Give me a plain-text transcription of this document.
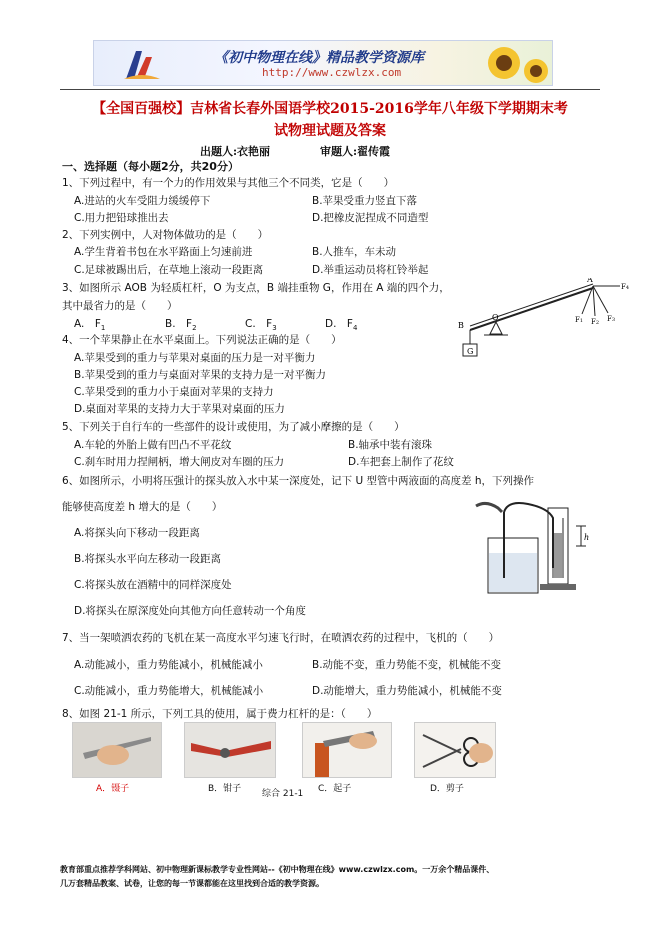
《初中物理在线》精品教学资源库
http://www.czwlzx.com
【全国百强校】吉林省长春外国语学校2015-2016学年八年级下学期期末考
试物理试题及答案
出题人:衣艳丽	审题人:翟传霞
一、选择题（每小题2分，共20分）
1、下列过程中，有一个力的作用效果与其他三个不同类，它是（　　）
A.进站的火车受阻力缓缓停下	B.苹果受重力竖直下落
C.用力把铅球推出去	D.把橡皮泥捏成不同造型
2、下列实例中，人对物体做功的是（　　）
A.学生背着书包在水平路面上匀速前进	B.人推车，车未动
C.足球被踢出后，在草地上滚动一段距离	D.举重运动员将杠铃举起
3、如图所示 AOB 为轻质杠杆，O 为支点，B 端挂重物 G，作用在 A 端的四个力，
其中最省力的是（　　）
A.　$F_1$	B.　$F_2$	C.　$F_3$	D.　$F_4$
A
O
B
G
F4
F1 F2 F3
4、一个苹果静止在水平桌面上。下列说法正确的是（　　）
A.苹果受到的重力与苹果对桌面的压力是一对平衡力
B.苹果受到的重力与桌面对苹果的支持力是一对平衡力
C.苹果受到的重力小于桌面对苹果的支持力
D.桌面对苹果的支持力大于苹果对桌面的压力
5、下列关于自行车的一些部件的设计或使用，为了减小摩擦的是（　　）
A.车轮的外胎上做有凹凸不平花纹	B.轴承中装有滚珠
C.刹车时用力捏闸柄，增大闸皮对车圈的压力	D.车把套上制作了花纹
6、如图所示，小明将压强计的探头放入水中某一深度处，记下 U 型管中两液面的高度差 h，下列操作
能够使高度差 h 增大的是（　　）
A.将探头向下移动一段距离
B.将探头水平向左移动一段距离
C.将探头放在酒精中的同样深度处
D.将探头在原深度处向其他方向任意转动一个角度
h
7、当一架喷洒农药的飞机在某一高度水平匀速飞行时，在喷洒农药的过程中，飞机的（　　）
A.动能减小，重力势能减小，机械能减小	B.动能不变，重力势能不变，机械能不变
C.动能减小，重力势能增大，机械能减小	D.动能增大，重力势能减小，机械能不变
8、如图 21-1 所示，下列工具的使用，属于费力杠杆的是：（　　）
A．镊子	B．钳子	C．起子	D．剪子
综合 21-1
教育部重点推荐学科网站、初中物理新课标教学专业性网站--《初中物理在线》www.czwlzx.com。一万余个精品课件、
几万套精品教案、试卷，让您的每一节课都能在这里找到合适的教学资源。
